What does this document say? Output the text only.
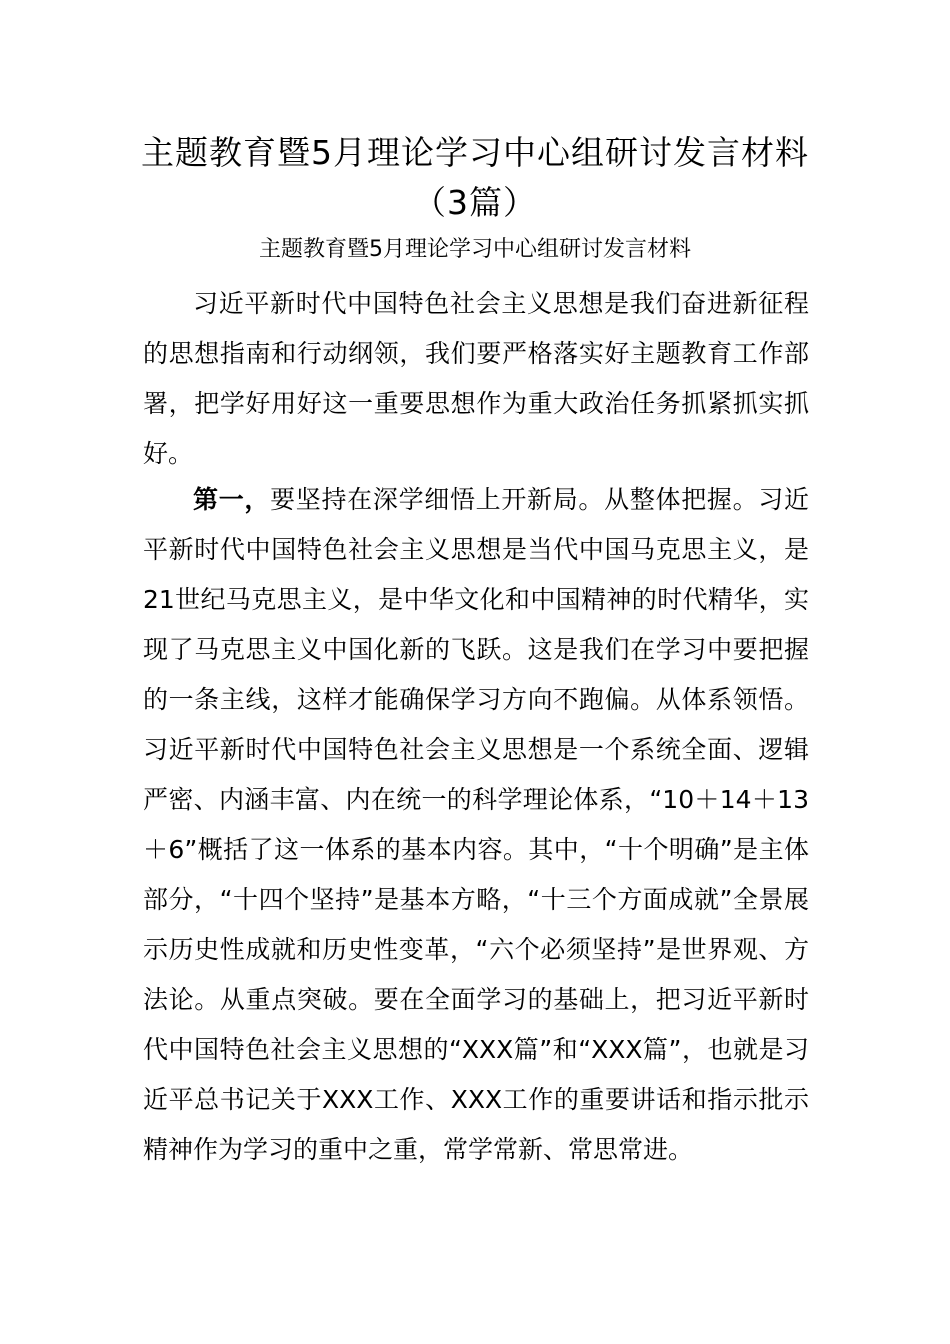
主题教育暨5月理论学习中心组研讨发言材料（3篇）
主题教育暨5月理论学习中心组研讨发言材料

习近平新时代中国特色社会主义思想是我们奋进新征程的思想指南和行动纲领，我们要严格落实好主题教育工作部署，把学好用好这一重要思想作为重大政治任务抓紧抓实抓好。

第一，要坚持在深学细悟上开新局。从整体把握。习近平新时代中国特色社会主义思想是当代中国马克思主义，是21世纪马克思主义，是中华文化和中国精神的时代精华，实现了马克思主义中国化新的飞跃。这是我们在学习中要把握的一条主线，这样才能确保学习方向不跑偏。从体系领悟。习近平新时代中国特色社会主义思想是一个系统全面、逻辑严密、内涵丰富、内在统一的科学理论体系，“10＋14＋13＋6”概括了这一体系的基本内容。其中，“十个明确”是主体部分，“十四个坚持”是基本方略，“十三个方面成就”全景展示历史性成就和历史性变革，“六个必须坚持”是世界观、方法论。从重点突破。要在全面学习的基础上，把习近平新时代中国特色社会主义思想的“XXX篇”和“XXX篇”，也就是习近平总书记关于XXX工作、XXX工作的重要讲话和指示批示精神作为学习的重中之重，常学常新、常思常进。
